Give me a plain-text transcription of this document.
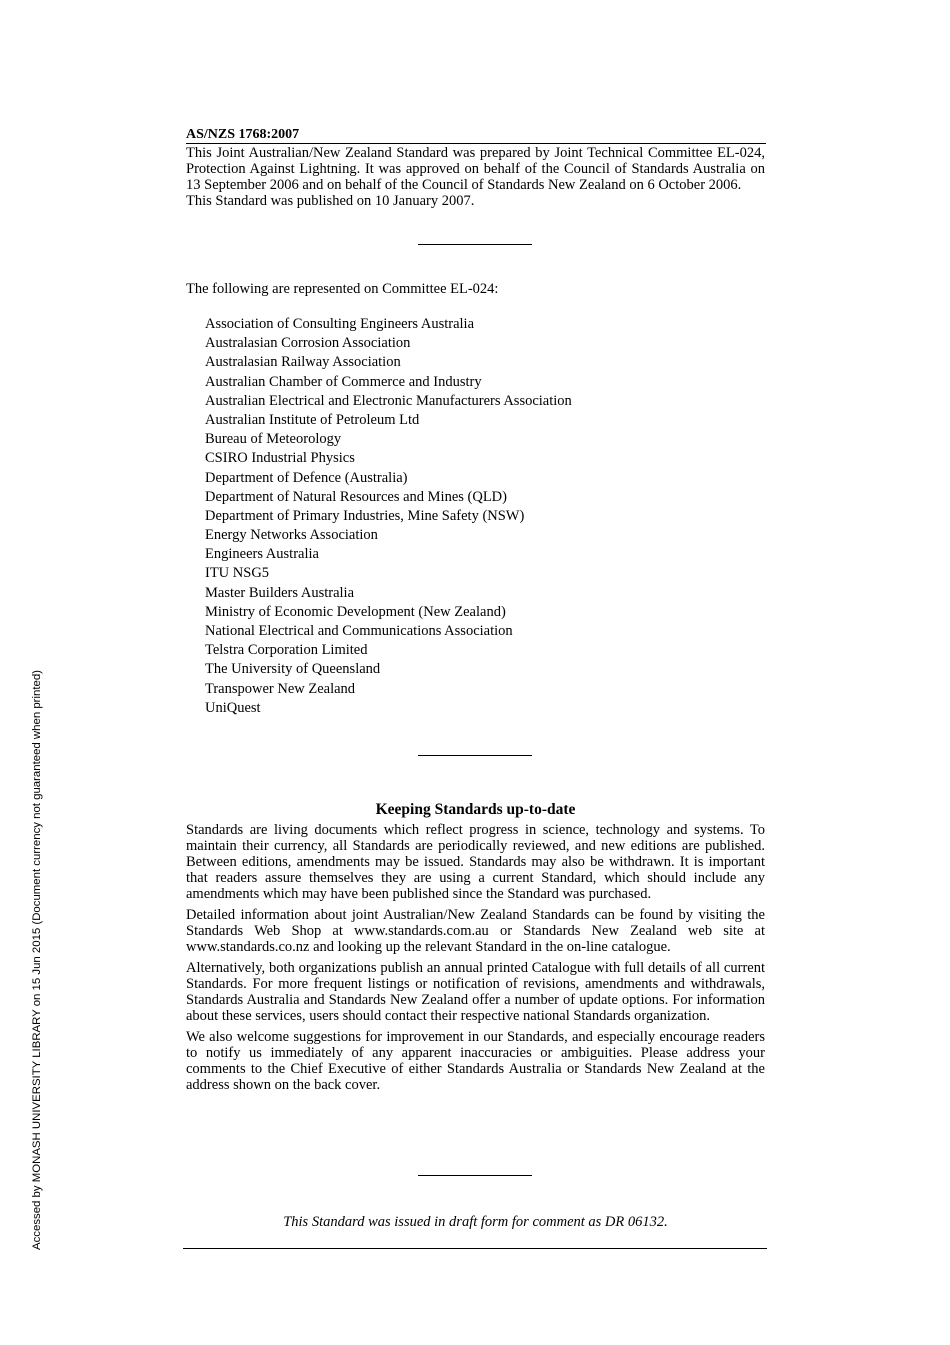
Accessed by MONASH UNIVERSITY LIBRARY on 15 Jun 2015 (Document currency not guaranteed when printed)
AS/NZS 1768:2007

This Joint Australian/New Zealand Standard was prepared by Joint Technical Committee EL-024, Protection Against Lightning. It was approved on behalf of the Council of Standards Australia on 13 September 2006 and on behalf of the Council of Standards New Zealand on 6 October 2006.

This Standard was published on 10 January 2007.

The following are represented on Committee EL-024:
Association of Consulting Engineers Australia
Australasian Corrosion Association
Australasian Railway Association
Australian Chamber of Commerce and Industry
Australian Electrical and Electronic Manufacturers Association
Australian Institute of Petroleum Ltd
Bureau of Meteorology
CSIRO Industrial Physics
Department of Defence (Australia)
Department of Natural Resources and Mines (QLD)
Department of Primary Industries, Mine Safety (NSW)
Energy Networks Association
Engineers Australia
ITU NSG5
Master Builders Australia
Ministry of Economic Development (New Zealand)
National Electrical and Communications Association
Telstra Corporation Limited
The University of Queensland
Transpower New Zealand
UniQuest
Keeping Standards up-to-date

Standards are living documents which reflect progress in science, technology and systems. To maintain their currency, all Standards are periodically reviewed, and new editions are published. Between editions, amendments may be issued. Standards may also be withdrawn. It is important that readers assure themselves they are using a current Standard, which should include any amendments which may have been published since the Standard was purchased.

Detailed information about joint Australian/New Zealand Standards can be found by visiting the Standards Web Shop at www.standards.com.au or Standards New Zealand web site at www.standards.co.nz and looking up the relevant Standard in the on-line catalogue.

Alternatively, both organizations publish an annual printed Catalogue with full details of all current Standards. For more frequent listings or notification of revisions, amendments and withdrawals, Standards Australia and Standards New Zealand offer a number of update options. For information about these services, users should contact their respective national Standards organization.

We also welcome suggestions for improvement in our Standards, and especially encourage readers to notify us immediately of any apparent inaccuracies or ambiguities. Please address your comments to the Chief Executive of either Standards Australia or Standards New Zealand at the address shown on the back cover.

This Standard was issued in draft form for comment as DR 06132.
